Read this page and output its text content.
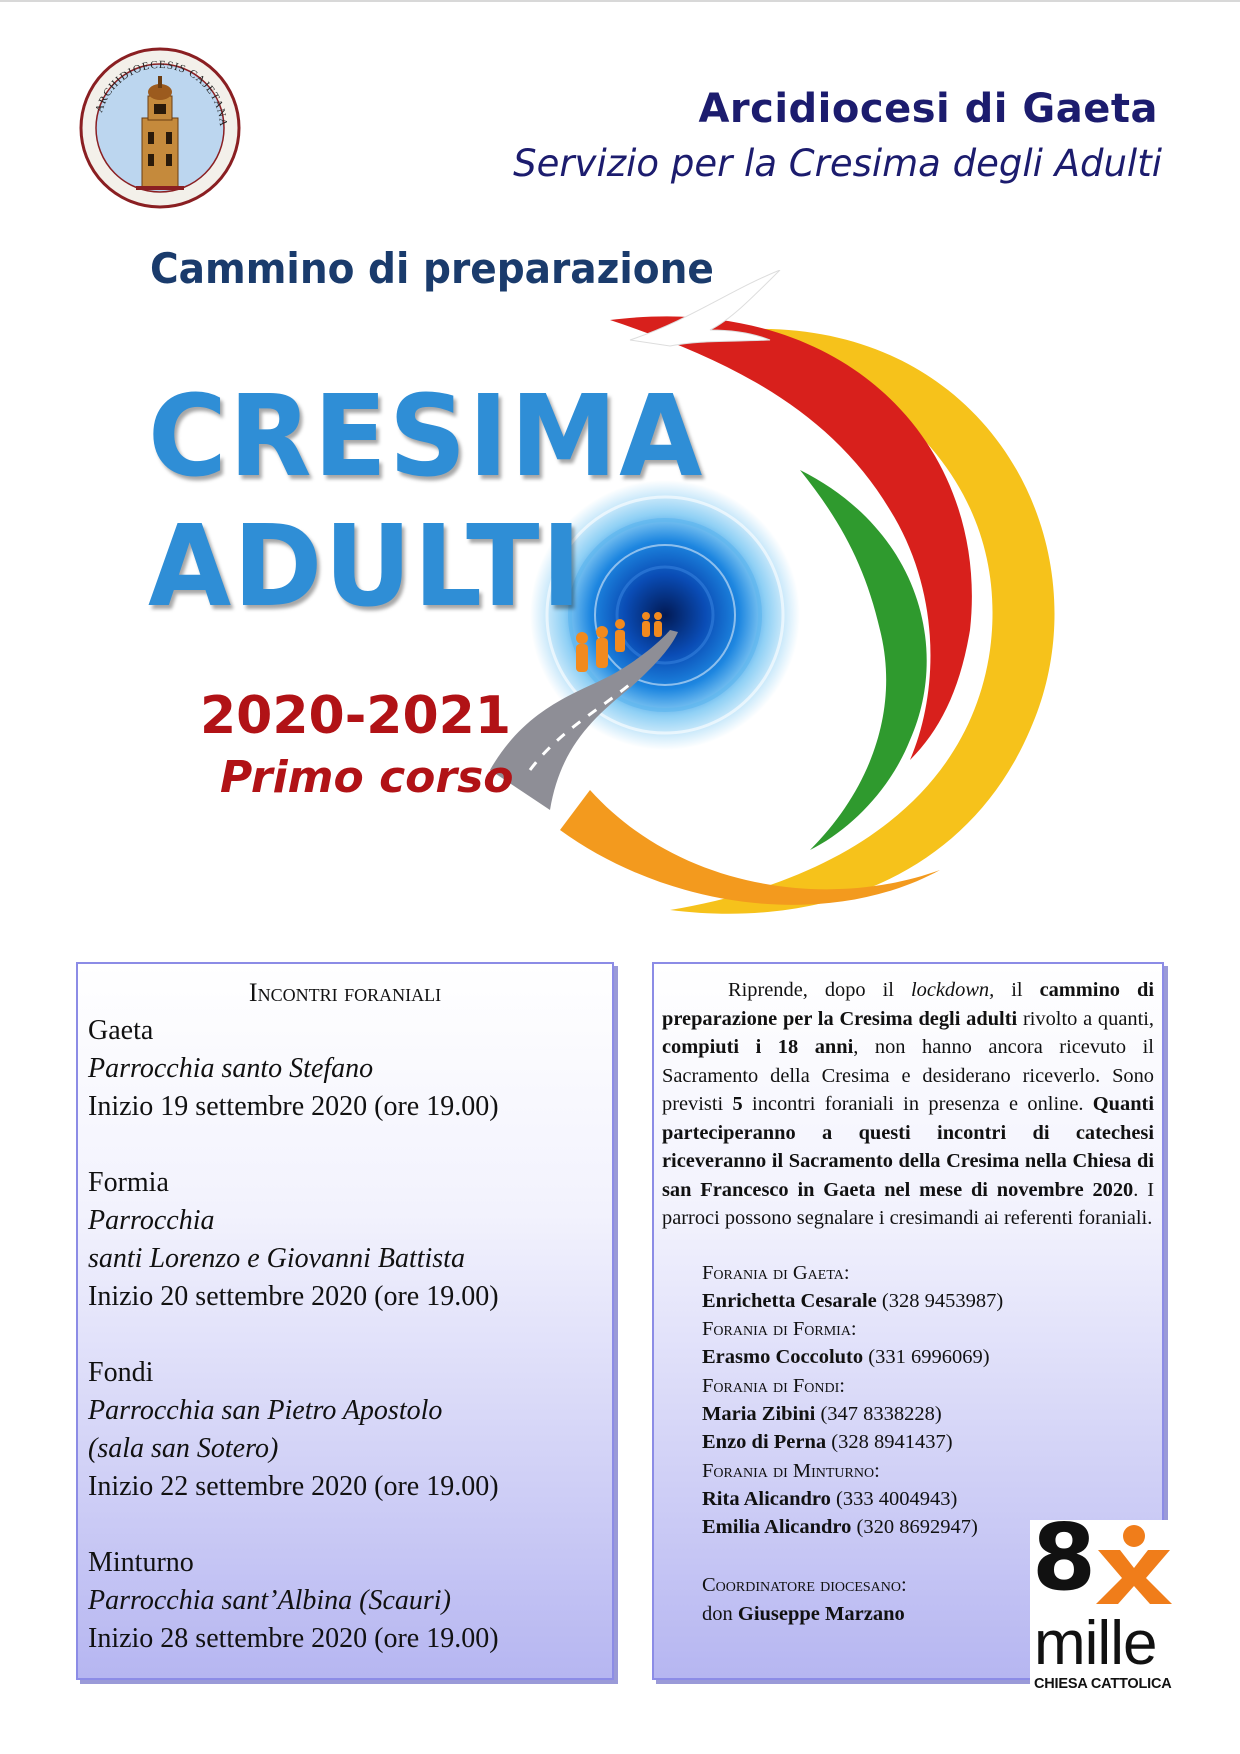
ARCHIDIOECESIS CAJETANA	Arcidiocesi di Gaeta
Servizio per la Cresima degli Adulti
Cammino di preparazione
CRESIMA
ADULTI
2020-2021
Primo corso
Incontri foraniali
Gaeta
Parrocchia santo Stefano
Inizio 19 settembre 2020 (ore 19.00)
Formia
Parrocchia
santi Lorenzo e Giovanni Battista
Inizio 20 settembre 2020 (ore 19.00)
Fondi
Parrocchia san Pietro Apostolo
(sala san Sotero)
Inizio 22 settembre 2020 (ore 19.00)
Minturno
Parrocchia sant’Albina (Scauri)
Inizio 28 settembre 2020 (ore 19.00)
Riprende, dopo il lockdown, il cammino di preparazione per la Cresima degli adulti rivolto a quanti, compiuti i 18 anni, non hanno ancora ricevuto il Sacramento della Cresima e desiderano riceverlo. Sono previsti 5 incontri foraniali in presenza e online. Quanti parteciperanno a questi incontri di catechesi riceveranno il Sacramento della Cresima nella Chiesa di san Francesco in Gaeta nel mese di novembre 2020. I parroci possono segnalare i cresimandi ai referenti foraniali.
Forania di Gaeta:
Enrichetta Cesarale (328 9453987)
Forania di Formia:
Erasmo Coccoluto (331 6996069)
Forania di Fondi:
Maria Zibini (347 8338228)
Enzo di Perna (328 8941437)
Forania di Minturno:
Rita Alicandro (333 4004943)
Emilia Alicandro (320 8692947)
Coordinatore diocesano:
don Giuseppe Marzano
8
mille
CHIESA CATTOLICA
